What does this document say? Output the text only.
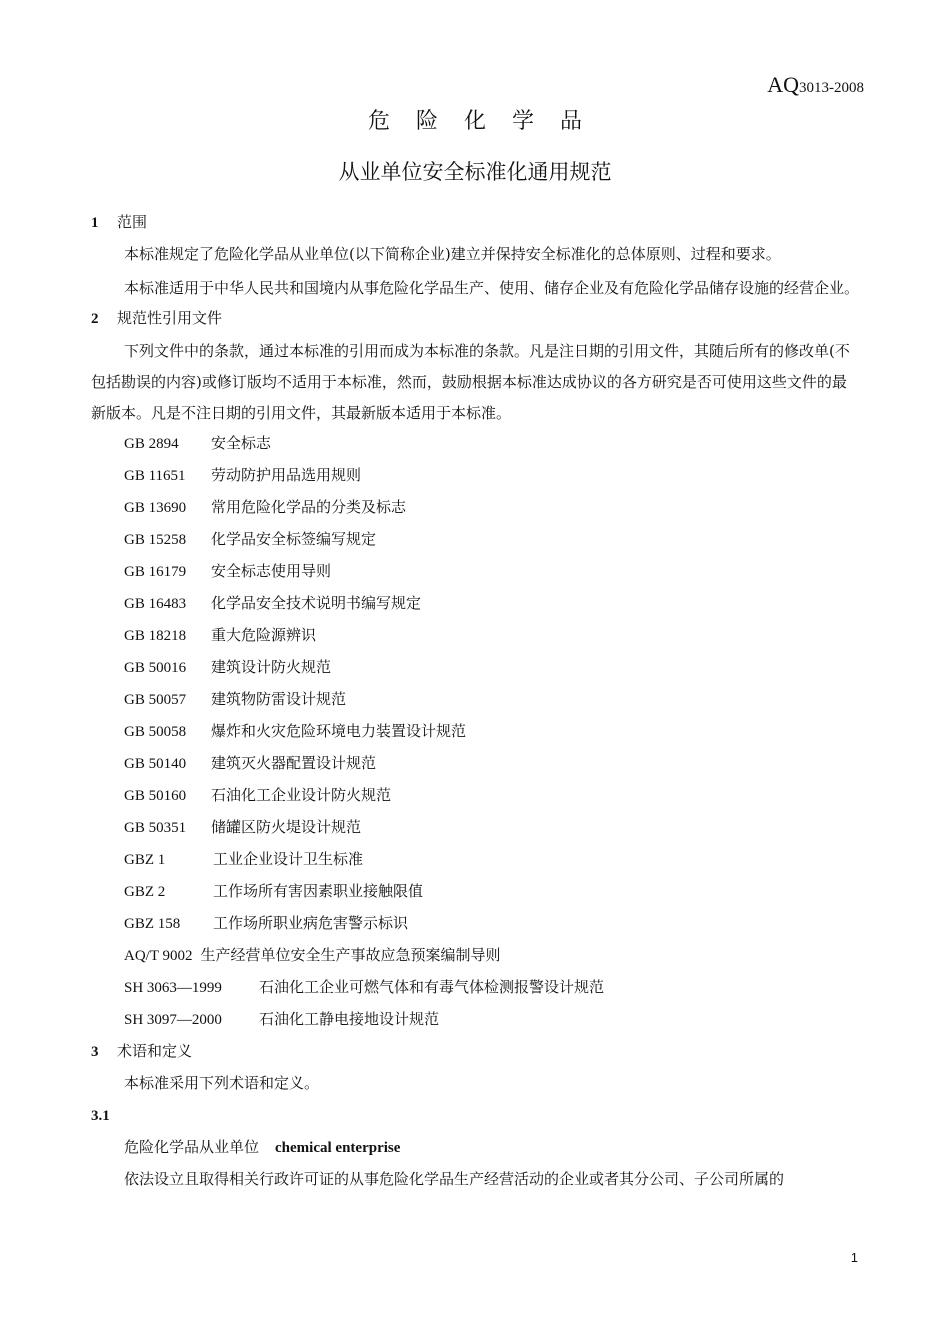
AQ3013-2008
危险化学品
从业单位安全标准化通用规范
1 范围
本标准规定了危险化学品从业单位(以下简称企业)建立并保持安全标准化的总体原则、过程和要求。
本标准适用于中华人民共和国境内从事危险化学品生产、使用、储存企业及有危险化学品储存设施的经营企业。
2 规范性引用文件
下列文件中的条款，通过本标准的引用而成为本标准的条款。凡是注日期的引用文件，其随后所有的修改单(不包括勘误的内容)或修订版均不适用于本标准，然而，鼓励根据本标准达成协议的各方研究是否可使用这些文件的最新版本。凡是不注日期的引用文件，其最新版本适用于本标准。
GB 2894 安全标志
GB 11651 劳动防护用品选用规则
GB 13690 常用危险化学品的分类及标志
GB 15258 化学品安全标签编写规定
GB 16179 安全标志使用导则
GB 16483 化学品安全技术说明书编写规定
GB 18218 重大危险源辨识
GB 50016 建筑设计防火规范
GB 50057 建筑物防雷设计规范
GB 50058 爆炸和火灾危险环境电力装置设计规范
GB 50140 建筑灭火器配置设计规范
GB 50160 石油化工企业设计防火规范
GB 50351 储罐区防火堤设计规范
GBZ 1	工业企业设计卫生标准
GBZ 2	工作场所有害因素职业接触限值
GBZ 158 工作场所职业病危害警示标识
AQ/T 9002 生产经营单位安全生产事故应急预案编制导则
SH 3063—1999 石油化工企业可燃气体和有毒气体检测报警设计规范
SH 3097—2000 石油化工静电接地设计规范
3 术语和定义
本标准采用下列术语和定义。
3.1
危险化学品从业单位 chemical enterprise
依法设立且取得相关行政许可证的从事危险化学品生产经营活动的企业或者其分公司、子公司所属的
1
